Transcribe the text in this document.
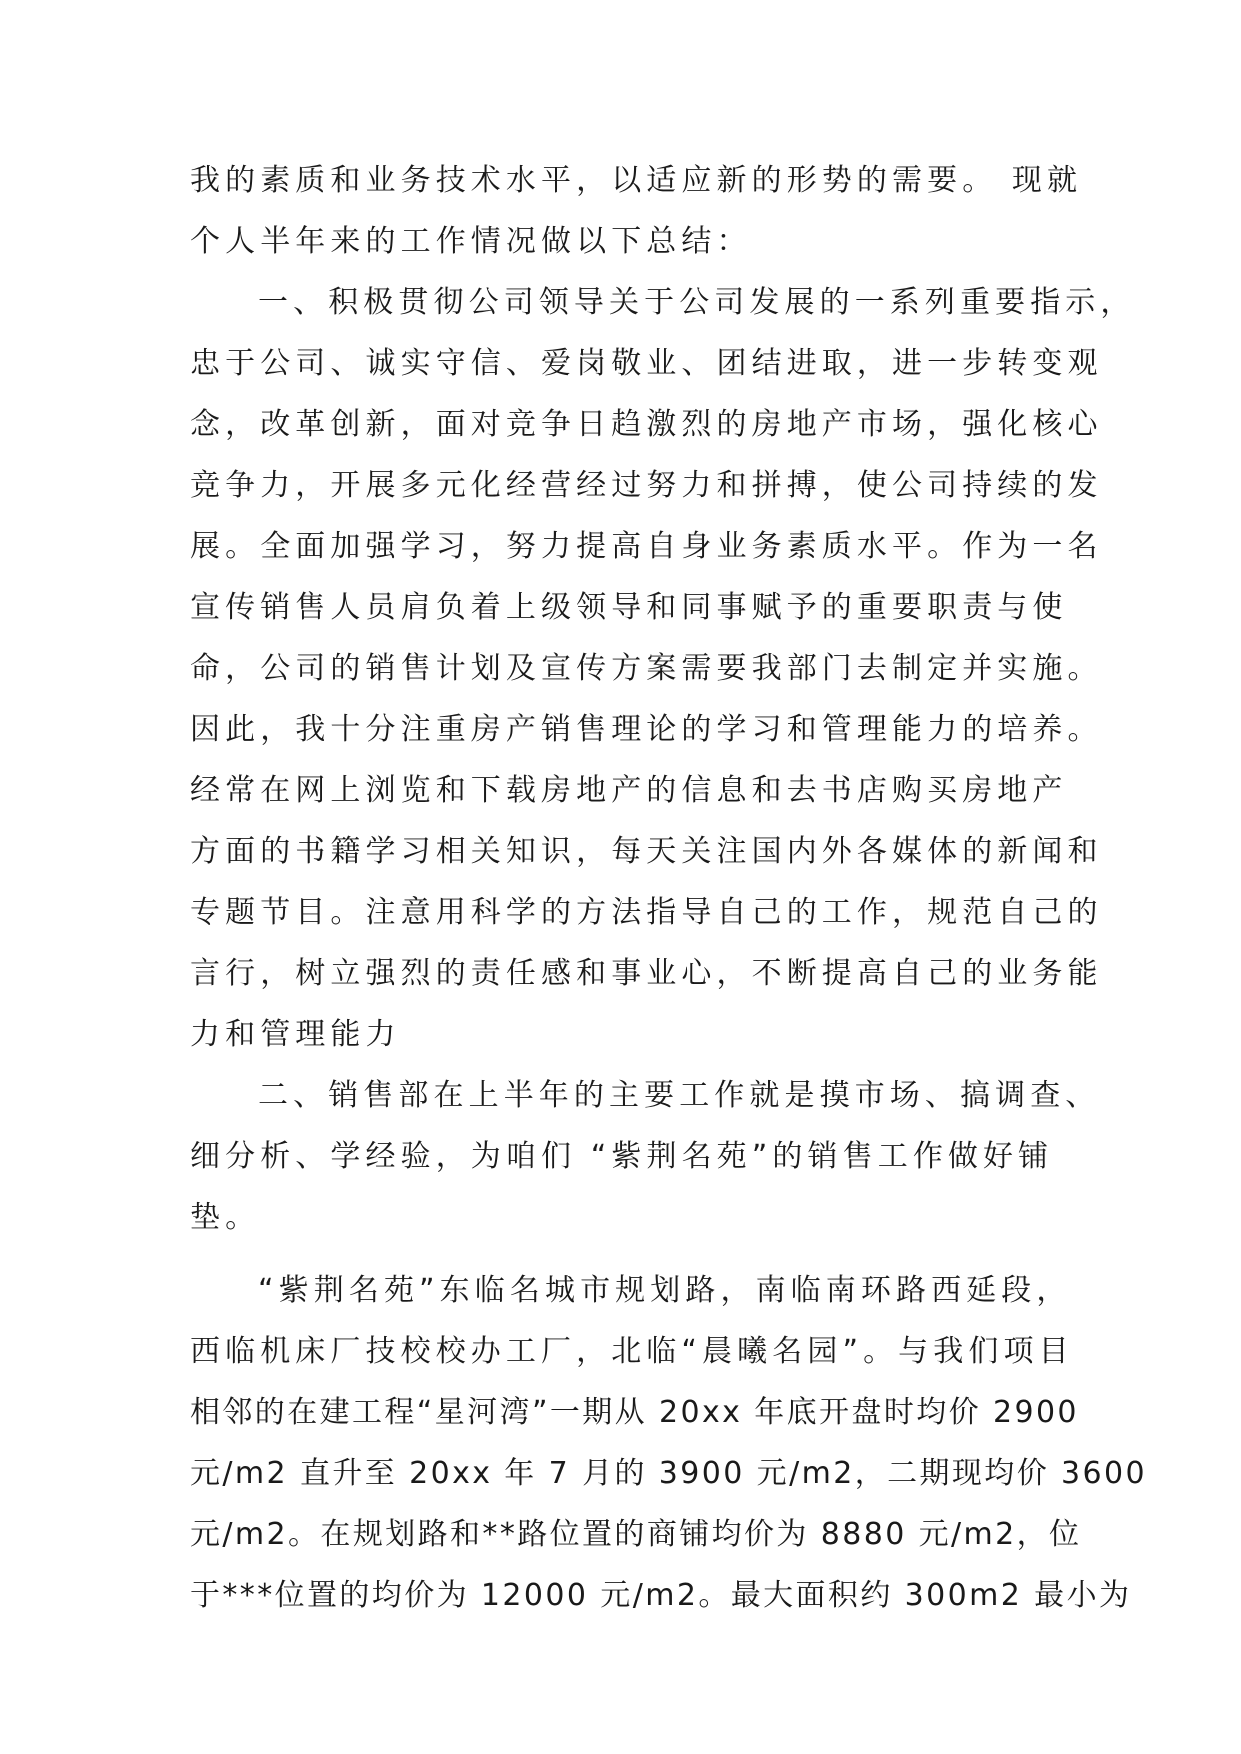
我的素质和业务技术水平，以适应新的形势的需要。 现就
个人半年来的工作情况做以下总结：
一、积极贯彻公司领导关于公司发展的一系列重要指示，
忠于公司、诚实守信、爱岗敬业、团结进取，进一步转变观
念，改革创新，面对竞争日趋激烈的房地产市场，强化核心
竞争力，开展多元化经营经过努力和拼搏，使公司持续的发
展。全面加强学习，努力提高自身业务素质水平。作为一名
宣传销售人员肩负着上级领导和同事赋予的重要职责与使
命，公司的销售计划及宣传方案需要我部门去制定并实施。
因此，我十分注重房产销售理论的学习和管理能力的培养。
经常在网上浏览和下载房地产的信息和去书店购买房地产
方面的书籍学习相关知识，每天关注国内外各媒体的新闻和
专题节目。注意用科学的方法指导自己的工作，规范自己的
言行，树立强烈的责任感和事业心，不断提高自己的业务能
力和管理能力
二、销售部在上半年的主要工作就是摸市场、搞调查、
细分析、学经验，为咱们 “紫荆名苑”的销售工作做好铺
垫。
“紫荆名苑”东临名城市规划路，南临南环路西延段，
西临机床厂技校校办工厂，北临“晨曦名园”。与我们项目
相邻的在建工程“星河湾”一期从 20xx 年底开盘时均价 2900
元/m2 直升至 20xx 年 7 月的 3900 元/m2，二期现均价 3600
元/m2。在规划路和**路位置的商铺均价为 8880 元/m2，位
于***位置的均价为 12000 元/m2。最大面积约 300m2 最小为
